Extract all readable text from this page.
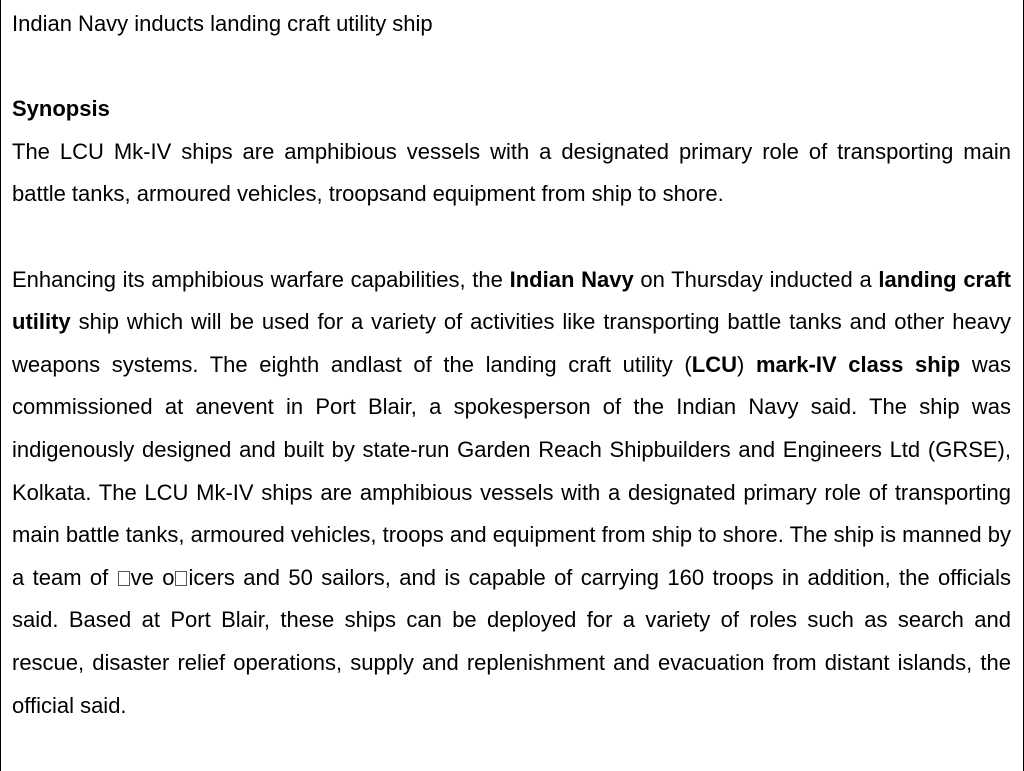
Indian Navy inducts landing craft utility ship

Synopsis

The LCU Mk-IV ships are amphibious vessels with a designated primary role of transporting main battle tanks, armoured vehicles, troopsand equipment from ship to shore.

Enhancing its amphibious warfare capabilities, the Indian Navy on Thursday inducted a landing craft utility ship which will be used for a variety of activities like transporting battle tanks and other heavy weapons systems. The eighth andlast of the landing craft utility (LCU) mark-IV class ship was commissioned at anevent in Port Blair, a spokesperson of the Indian Navy said. The ship was indigenously designed and built by state-run Garden Reach Shipbuilders and Engineers Ltd (GRSE), Kolkata. The LCU Mk-IV ships are amphibious vessels with a designated primary role of transporting main battle tanks, armoured vehicles, troops and equipment from ship to shore. The ship is manned by a team of ve o icers and 50 sailors, and is capable of carrying 160 troops in addition, the officials said. Based at Port Blair, these ships can be deployed for a variety of roles such as search and rescue, disaster relief operations, supply and replenishment and evacuation from distant islands, the official said.
